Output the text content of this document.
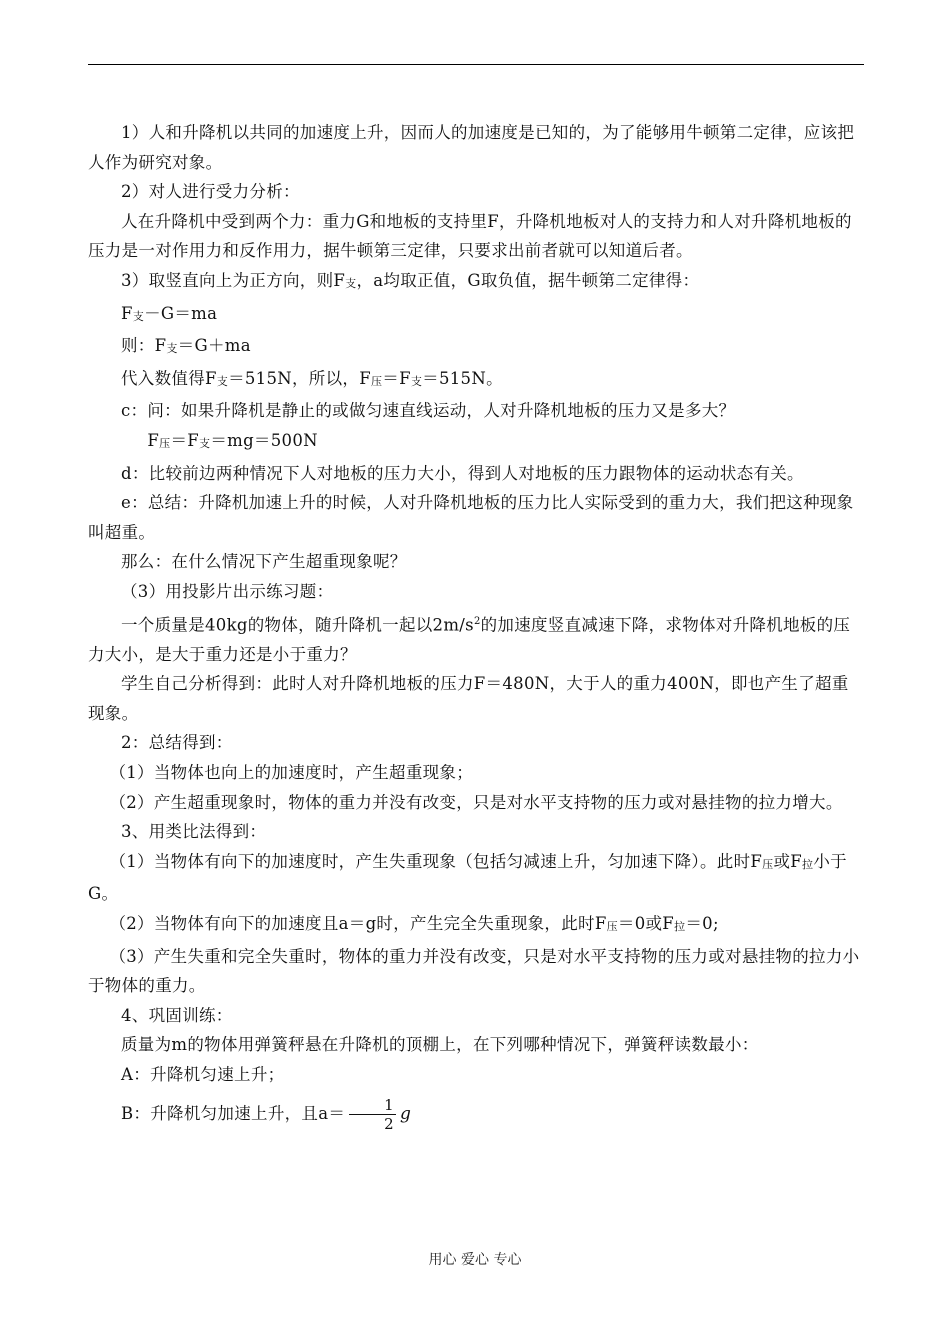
1）人和升降机以共同的加速度上升，因而人的加速度是已知的，为了能够用牛顿第二定律，应该把人作为研究对象。

2）对人进行受力分析：

人在升降机中受到两个力：重力G和地板的支持里F，升降机地板对人的支持力和人对升降机地板的压力是一对作用力和反作用力，据牛顿第三定律，只要求出前者就可以知道后者。

3）取竖直向上为正方向，则F支，a均取正值，G取负值，据牛顿第二定律得：

F支－G＝ma

则：F支＝G＋ma

代入数值得F支＝515N，所以，F压＝F支＝515N。

c：问：如果升降机是静止的或做匀速直线运动，人对升降机地板的压力又是多大？

F压＝F支＝mg＝500N

d：比较前边两种情况下人对地板的压力大小，得到人对地板的压力跟物体的运动状态有关。

e：总结：升降机加速上升的时候，人对升降机地板的压力比人实际受到的重力大，我们把这种现象叫超重。

那么：在什么情况下产生超重现象呢？

（3）用投影片出示练习题：

一个质量是40kg的物体，随升降机一起以$2m/s^2$的加速度竖直减速下降，求物体对升降机地板的压力大小，是大于重力还是小于重力？

学生自己分析得到：此时人对升降机地板的压力F＝480N，大于人的重力400N，即也产生了超重现象。

2：总结得到：

（1）当物体也向上的加速度时，产生超重现象；

（2）产生超重现象时，物体的重力并没有改变，只是对水平支持物的压力或对悬挂物的拉力增大。

3、用类比法得到：

（1）当物体有向下的加速度时，产生失重现象（包括匀减速上升，匀加速下降）。此时F压或F拉小于G。

（2）当物体有向下的加速度且a＝g时，产生完全失重现象，此时F压＝0或F拉＝0;

（3）产生失重和完全失重时，物体的重力并没有改变，只是对水平支持物的压力或对悬挂物的拉力小于物体的重力。

4、巩固训练：

质量为m的物体用弹簧秤悬在升降机的顶棚上，在下列哪种情况下，弹簧秤读数最小：

A：升降机匀速上升；

B：升降机匀加速上升，且$a= \frac{1}{2}$ g

用心 爱心 专心
